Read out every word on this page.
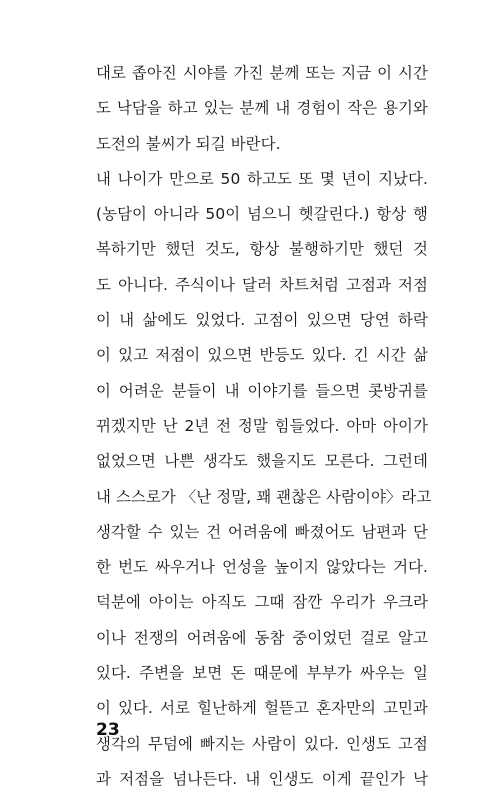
대로 좁아진 시야를 가진 분께 또는 지금 이 시간
도 낙담을 하고 있는 분께 내 경험이 작은 용기와
도전의 불씨가 되길 바란다.
내 나이가 만으로 50 하고도 또 몇 년이 지났다.
(농담이 아니라 50이 넘으니 헷갈린다.) 항상 행
복하기만 했던 것도, 항상 불행하기만 했던 것
도 아니다. 주식이나 달러 차트처럼 고점과 저점
이 내 삶에도 있었다. 고점이 있으면 당연 하락
이 있고 저점이 있으면 반등도 있다. 긴 시간 삶
이 어려운 분들이 내 이야기를 들으면 콧방귀를
뀌겠지만 난 2년 전 정말 힘들었다. 아마 아이가
없었으면 나쁜 생각도 했을지도 모른다. 그런데
내 스스로가 〈난 정말, 꽤 괜찮은 사람이야〉라고
생각할 수 있는 건 어려움에 빠졌어도 남편과 단
한 번도 싸우거나 언성을 높이지 않았다는 거다.
덕분에 아이는 아직도 그때 잠깐 우리가 우크라
이나 전쟁의 어려움에 동참 중이었던 걸로 알고
있다. 주변을 보면 돈 때문에 부부가 싸우는 일
이 있다. 서로 힐난하게 헐뜯고 혼자만의 고민과
생각의 무덤에 빠지는 사람이 있다. 인생도 고점
과 저점을 넘나든다. 내 인생도 이게 끝인가 낙
23
